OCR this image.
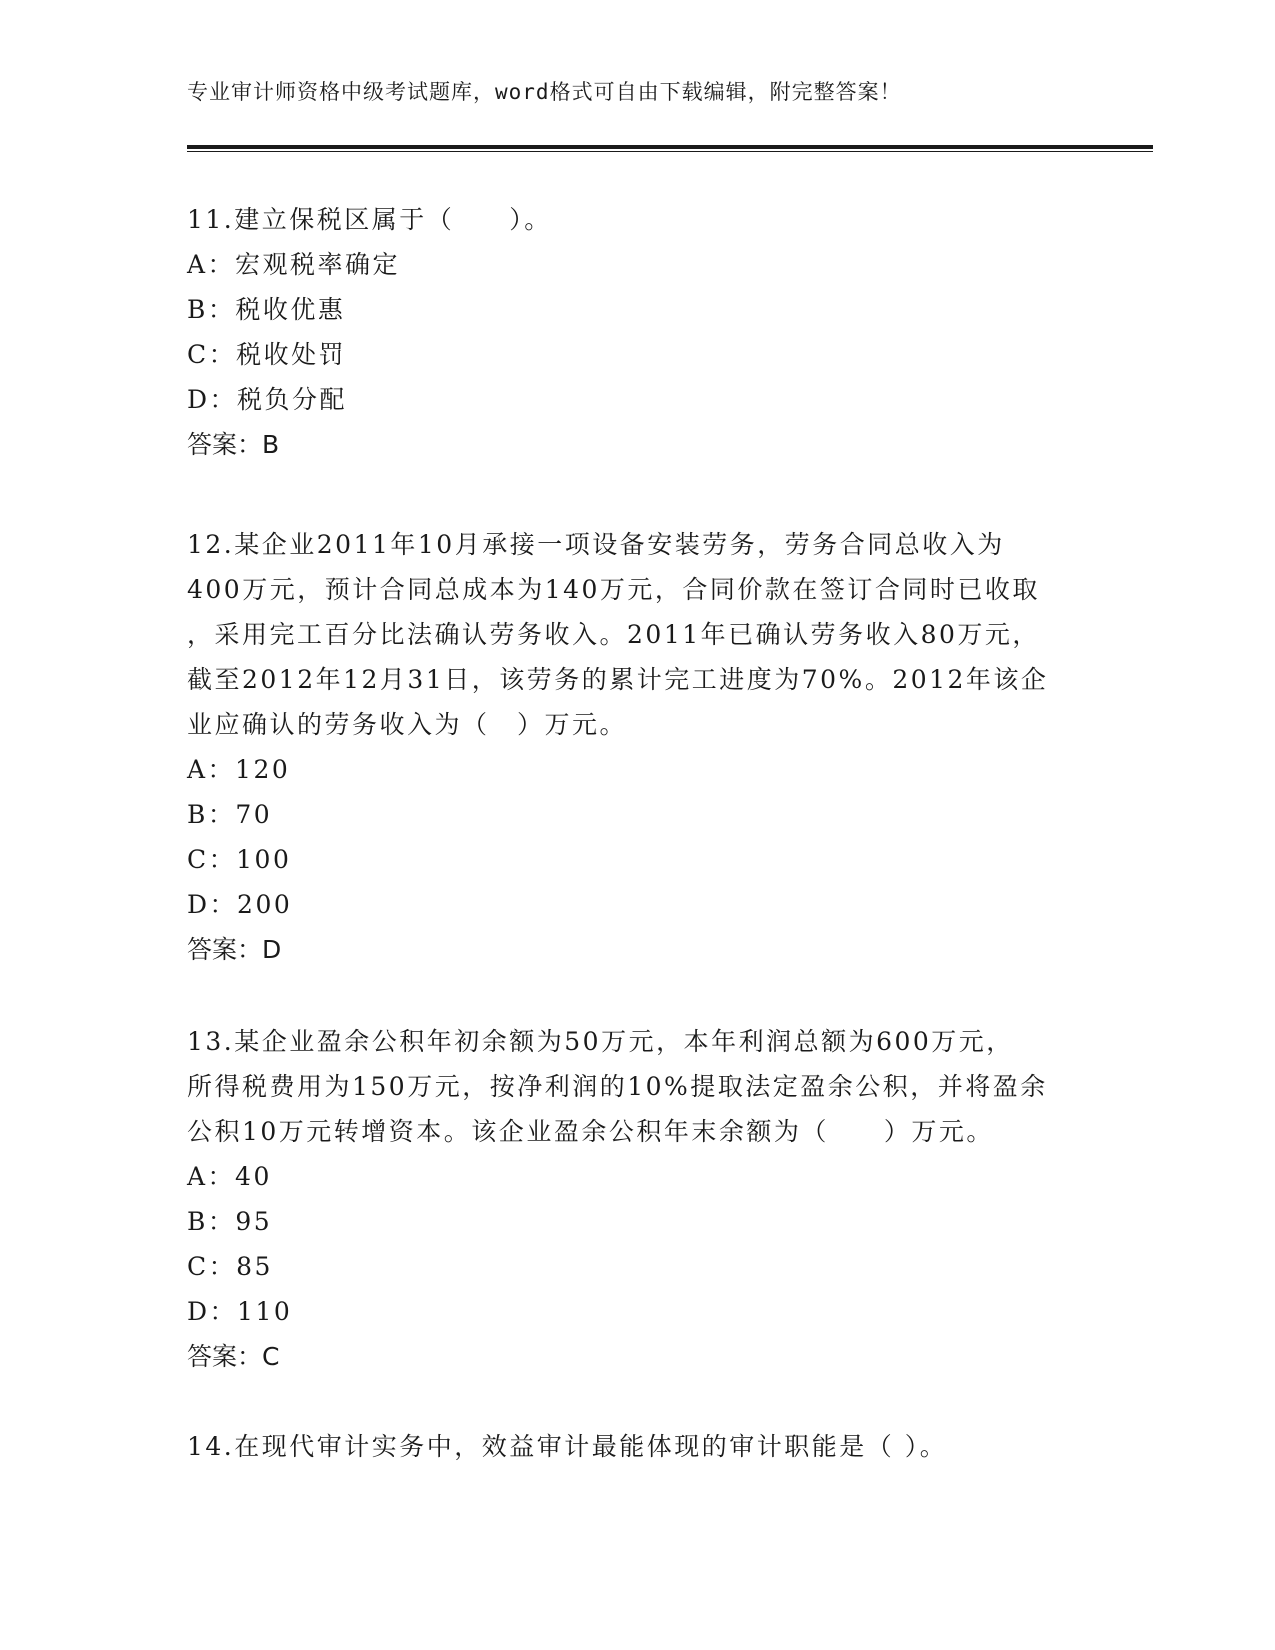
专业审计师资格中级考试题库，word格式可自由下载编辑，附完整答案！
11.建立保税区属于（　　）。
A：宏观税率确定
B：税收优惠
C：税收处罚
D：税负分配
答案：B
12.某企业2011年10月承接一项设备安装劳务，劳务合同总收入为
400万元，预计合同总成本为140万元，合同价款在签订合同时已收取
，采用完工百分比法确认劳务收入。2011年已确认劳务收入80万元，
截至2012年12月31日，该劳务的累计完工进度为70%。2012年该企
业应确认的劳务收入为（　）万元。
A：120
B：70
C：100
D：200
答案：D
13.某企业盈余公积年初余额为50万元，本年利润总额为600万元，
所得税费用为150万元，按净利润的10%提取法定盈余公积，并将盈余
公积10万元转增资本。该企业盈余公积年末余额为（　　）万元。
A：40
B：95
C：85
D：110
答案：C
14.在现代审计实务中，效益审计最能体现的审计职能是（ ）。
